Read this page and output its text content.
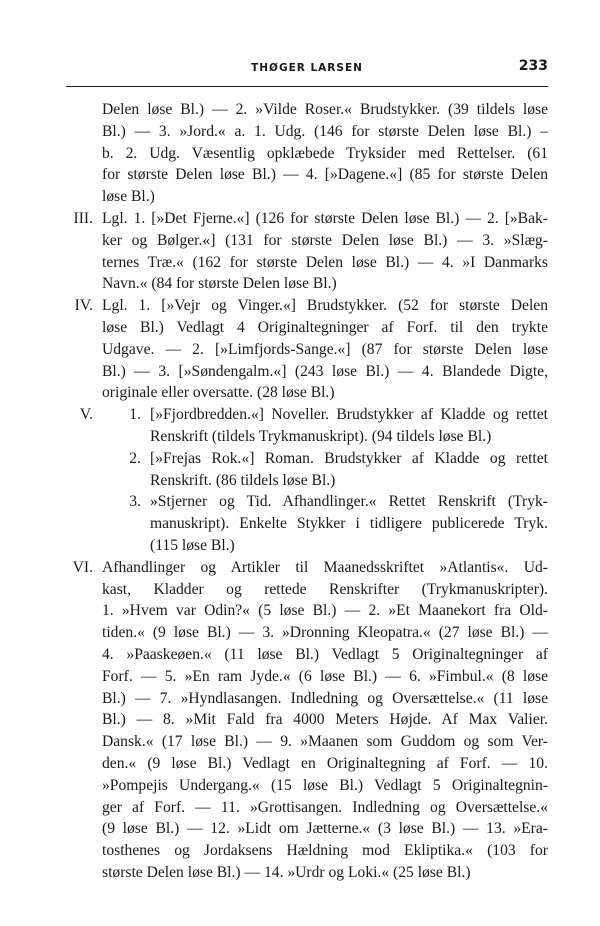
THØGER LARSEN	233
Delen løse Bl.) — 2. »Vilde Roser.« Brudstykker. (39 tildels løse
Bl.) — 3. »Jord.« a. 1. Udg. (146 for største Delen løse Bl.) –
b. 2. Udg. Væsentlig opklæbede Tryksider med Rettelser. (61
for største Delen løse Bl.) — 4. [»Dagene.«] (85 for største Delen
løse Bl.)
III. Lgl. 1. [»Det Fjerne.«] (126 for største Delen løse Bl.) — 2. [»Bak-
ker og Bølger.«] (131 for største Delen løse Bl.) — 3. »Slæg-
ternes Træ.« (162 for største Delen løse Bl.) — 4. »I Danmarks
Navn.« (84 for største Delen løse Bl.)
IV. Lgl. 1. [»Vejr og Vinger.«] Brudstykker. (52 for største Delen
løse Bl.) Vedlagt 4 Originaltegninger af Forf. til den trykte
Udgave. — 2. [»Limfjords-Sange.«] (87 for største Delen løse
Bl.) — 3. [»Søndengalm.«] (243 løse Bl.) — 4. Blandede Digte,
originale eller oversatte. (28 løse Bl.)
V.	1. [»Fjordbredden.«] Noveller. Brudstykker af Kladde og rettet
Renskrift (tildels Trykmanuskript). (94 tildels løse Bl.)
2. [»Frejas Rok.«] Roman. Brudstykker af Kladde og rettet
Renskrift. (86 tildels løse Bl.)
3. »Stjerner og Tid. Afhandlinger.« Rettet Renskrift (Tryk-
manuskript). Enkelte Stykker i tidligere publicerede Tryk.
(115 løse Bl.)
VI. Afhandlinger og Artikler til Maanedsskriftet »Atlantis«. Ud-
kast, Kladder og rettede Renskrifter (Trykmanuskripter).
1. »Hvem var Odin?« (5 løse Bl.) — 2. »Et Maanekort fra Old-
tiden.« (9 løse Bl.) — 3. »Dronning Kleopatra.« (27 løse Bl.) —
4. »Paaskeøen.« (11 løse Bl.) Vedlagt 5 Originaltegninger af
Forf. — 5. »En ram Jyde.« (6 løse Bl.) — 6. »Fimbul.« (8 løse
Bl.) — 7. »Hyndlasangen. Indledning og Oversættelse.« (11 løse
Bl.) — 8. »Mit Fald fra 4000 Meters Højde. Af Max Valier.
Dansk.« (17 løse Bl.) — 9. »Maanen som Guddom og som Ver-
den.« (9 løse Bl.) Vedlagt en Originaltegning af Forf. — 10.
»Pompejis Undergang.« (15 løse Bl.) Vedlagt 5 Originaltegnin-
ger af Forf. — 11. »Grottisangen. Indledning og Oversættelse.«
(9 løse Bl.) — 12. »Lidt om Jætterne.« (3 løse Bl.) — 13. »Era-
tosthenes og Jordaksens Hældning mod Ekliptika.« (103 for
største Delen løse Bl.) — 14. »Urdr og Loki.« (25 løse Bl.)
